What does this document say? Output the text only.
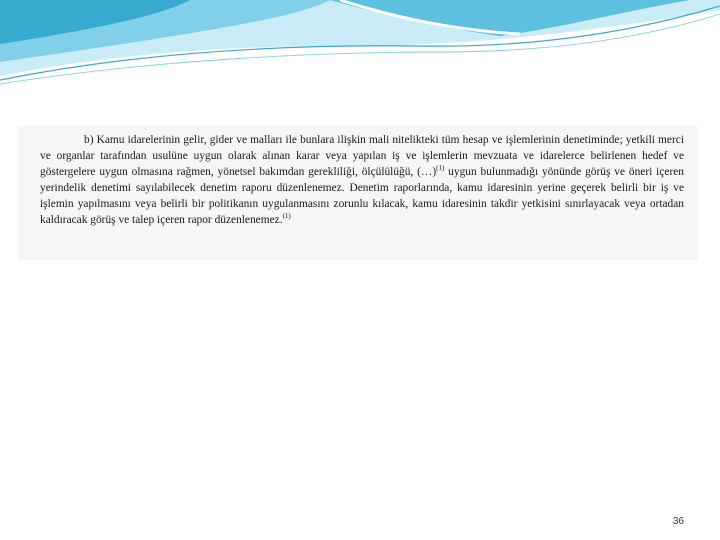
b) Kamu idarelerinin gelir, gider ve malları ile bunlara ilişkin mali nitelikteki tüm hesap ve işlemlerinin denetiminde; yetkili merci ve organlar tarafından usulüne uygun olarak alınan karar veya yapılan iş ve işlemlerin mevzuata ve idarelerce belirlenen hedef ve göstergelere uygun olmasına rağmen, yönetsel bakımdan gerekliliği, ölçülülüğü, (…)$^{(1)}$ uygun bulunmadığı yönünde görüş ve öneri içeren yerindelik denetimi sayılabilecek denetim raporu düzenlenemez. Denetim raporlarında, kamu idaresinin yerine geçerek belirli bir iş ve işlemin yapılmasını veya belirli bir politikanın uygulanmasını zorunlu kılacak, kamu idaresinin takdir yetkisini sınırlayacak veya ortadan kaldıracak görüş ve talep içeren rapor düzenlenemez.$^{(1)}$

36
